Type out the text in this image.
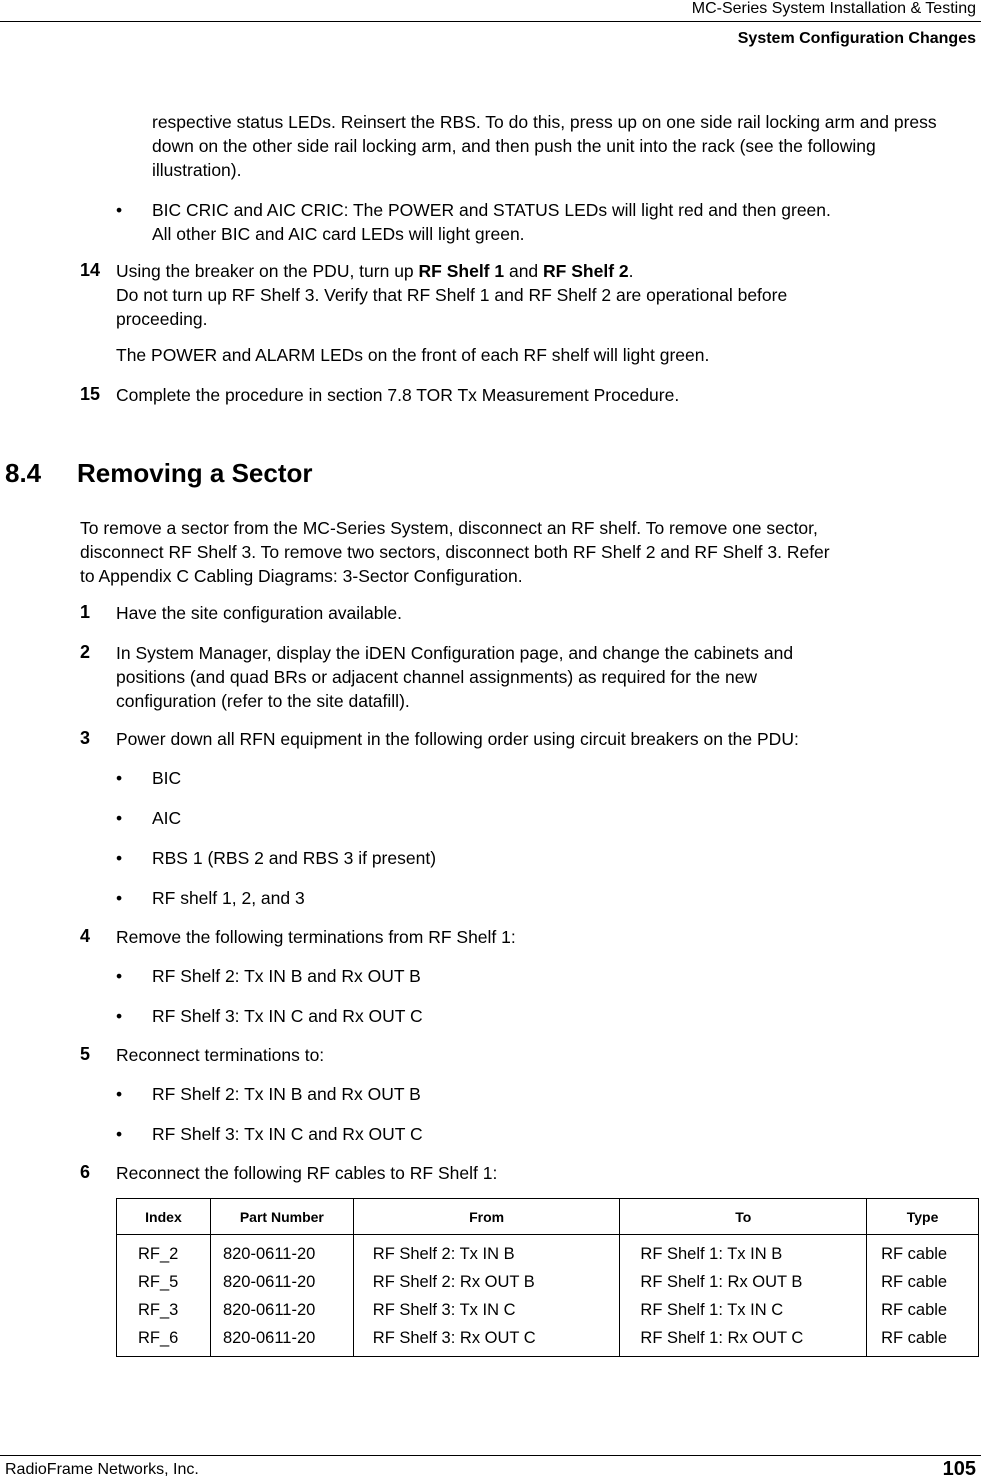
MC-Series System Installation & Testing
System Configuration Changes
respective status LEDs. Reinsert the RBS. To do this, press up on one side rail locking arm and press down on the other side rail locking arm, and then push the unit into the rack (see the following illustration).
• BIC CRIC and AIC CRIC: The POWER and STATUS LEDs will light red and then green.
All other BIC and AIC card LEDs will light green.
14 Using the breaker on the PDU, turn up RF Shelf 1 and RF Shelf 2.
Do not turn up RF Shelf 3. Verify that RF Shelf 1 and RF Shelf 2 are operational before
proceeding.
The POWER and ALARM LEDs on the front of each RF shelf will light green.
15 Complete the procedure in section 7.8 TOR Tx Measurement Procedure.
8.4 Removing a Sector
To remove a sector from the MC-Series System, disconnect an RF shelf. To remove one sector,
disconnect RF Shelf 3. To remove two sectors, disconnect both RF Shelf 2 and RF Shelf 3. Refer
to Appendix C Cabling Diagrams: 3-Sector Configuration.
1 Have the site configuration available.
2 In System Manager, display the iDEN Configuration page, and change the cabinets and
positions (and quad BRs or adjacent channel assignments) as required for the new
configuration (refer to the site datafill).
3 Power down all RFN equipment in the following order using circuit breakers on the PDU:
• BIC
• AIC
• RBS 1 (RBS 2 and RBS 3 if present)
• RF shelf 1, 2, and 3
4 Remove the following terminations from RF Shelf 1:
• RF Shelf 2: Tx IN B and Rx OUT B
• RF Shelf 3: Tx IN C and Rx OUT C
5 Reconnect terminations to:
• RF Shelf 2: Tx IN B and Rx OUT B
• RF Shelf 3: Tx IN C and Rx OUT C
6 Reconnect the following RF cables to RF Shelf 1:
Index	Part Number	From	To	Type
RF_2	820-0611-20	RF Shelf 2: Tx IN B	RF Shelf 1: Tx IN B	RF cable
RF_5	820-0611-20	RF Shelf 2: Rx OUT B	RF Shelf 1: Rx OUT B	RF cable
RF_3	820-0611-20	RF Shelf 3: Tx IN C	RF Shelf 1: Tx IN C	RF cable
RF_6	820-0611-20	RF Shelf 3: Rx OUT C	RF Shelf 1: Rx OUT C	RF cable
RadioFrame Networks, Inc.	105
